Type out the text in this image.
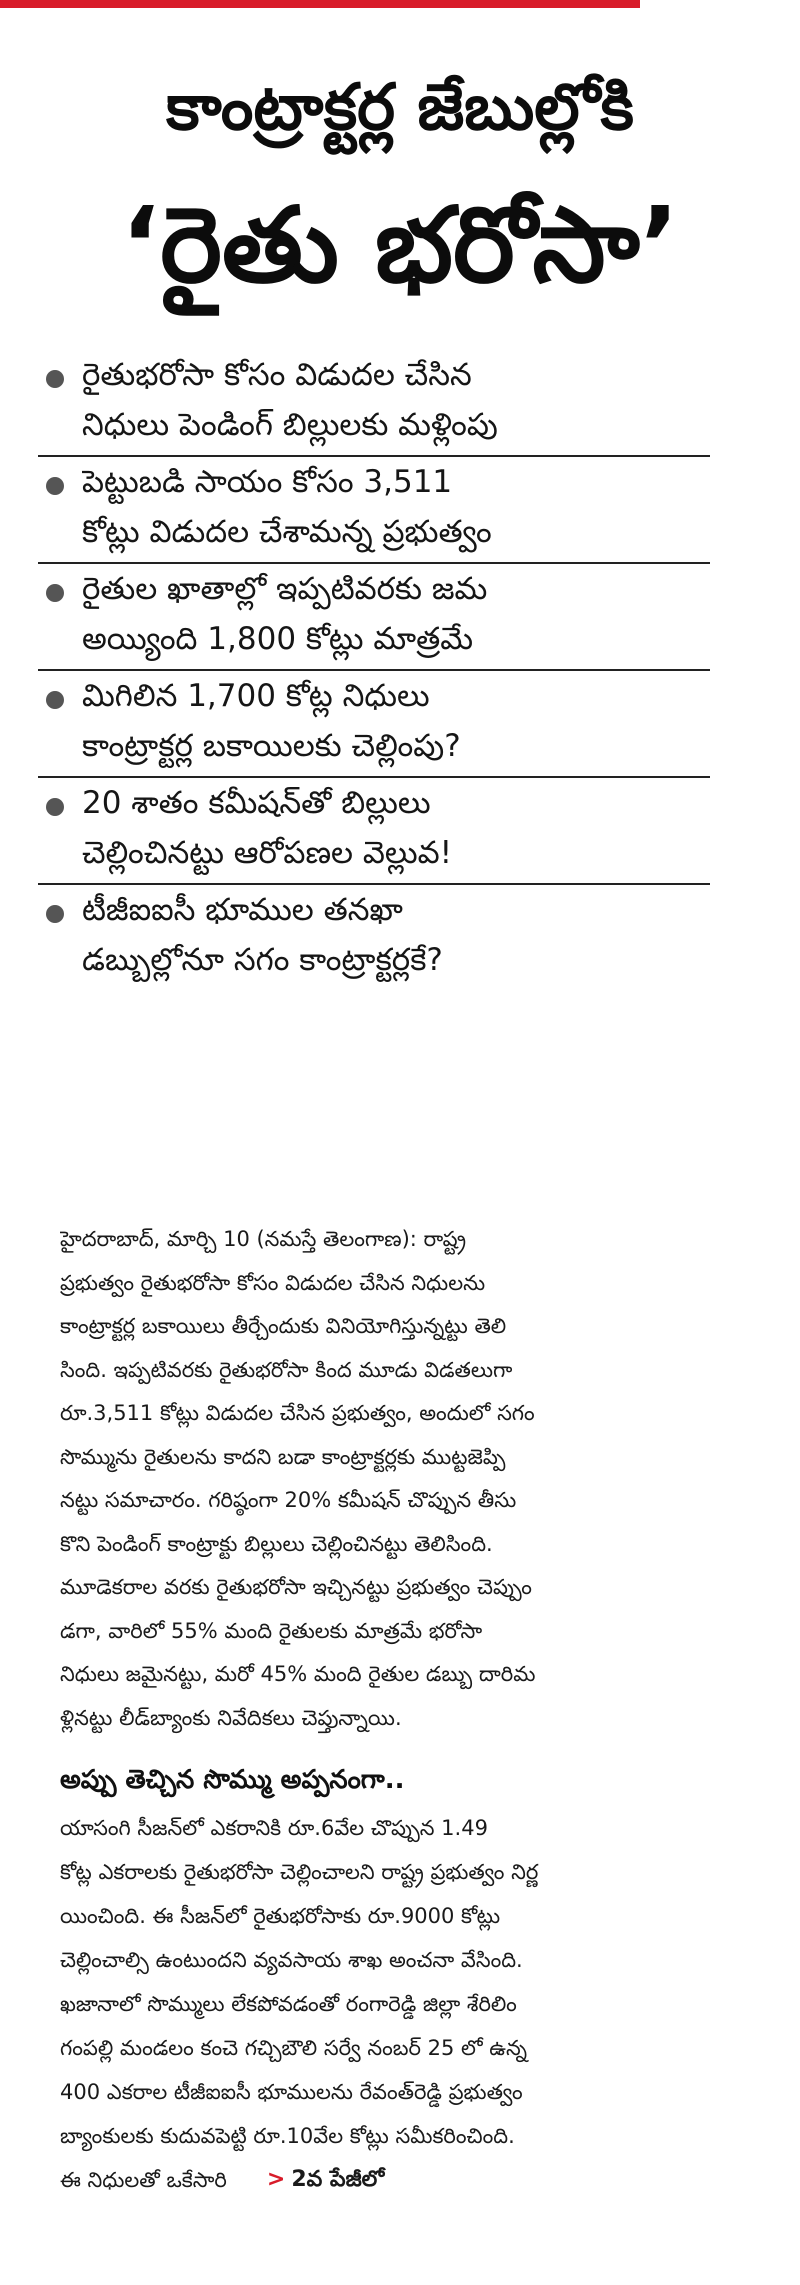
కాంట్రాక్టర్ల జేబుల్లోకి
‘రైతు భరోసా’
రైతుభరోసా కోసం విడుదల చేసిన
నిధులు పెండింగ్ బిల్లులకు మళ్లింపు
పెట్టుబడి సాయం కోసం 3,511
కోట్లు విడుదల చేశామన్న ప్రభుత్వం
రైతుల ఖాతాల్లో ఇప్పటివరకు జమ
అయ్యింది 1,800 కోట్లు మాత్రమే
మిగిలిన 1,700 కోట్ల నిధులు
కాంట్రాక్టర్ల బకాయిలకు చెల్లింపు?
20 శాతం కమీషన్‌తో బిల్లులు
చెల్లించినట్టు ఆరోపణల వెల్లువ!
టీజీఐఐసీ భూముల తనఖా
డబ్బుల్లోనూ సగం కాంట్రాక్టర్లకే?
హైదరాబాద్, మార్చి 10 (నమస్తే తెలంగాణ): రాష్ట్ర
ప్రభుత్వం రైతుభరోసా కోసం విడుదల చేసిన నిధులను
కాంట్రాక్టర్ల బకాయిలు తీర్చేందుకు వినియోగిస్తున్నట్టు తెలి
సింది. ఇప్పటివరకు రైతుభరోసా కింద మూడు విడతలుగా
రూ.3,511 కోట్లు విడుదల చేసిన ప్రభుత్వం, అందులో సగం
సొమ్మును రైతులను కాదని బడా కాంట్రాక్టర్లకు ముట్టజెప్పి
నట్టు సమాచారం. గరిష్ఠంగా 20% కమీషన్ చొప్పున తీసు
కొని పెండింగ్ కాంట్రాక్టు బిల్లులు చెల్లించినట్టు తెలిసింది.
మూడెకరాల వరకు రైతుభరోసా ఇచ్చినట్టు ప్రభుత్వం చెప్పుం
డగా, వారిలో 55% మంది రైతులకు మాత్రమే భరోసా
నిధులు జమైనట్టు, మరో 45% మంది రైతుల డబ్బు దారిమ
ళ్లినట్టు లీడ్‌బ్యాంకు నివేదికలు చెప్తున్నాయి.
అప్పు తెచ్చిన సొమ్ము అప్పనంగా..
యాసంగి సీజన్‌లో ఎకరానికి రూ.6వేల చొప్పున 1.49
కోట్ల ఎకరాలకు రైతుభరోసా చెల్లించాలని రాష్ట్ర ప్రభుత్వం నిర్ణ
యించింది. ఈ సీజన్‌లో రైతుభరోసాకు రూ.9000 కోట్లు
చెల్లించాల్సి ఉంటుందని వ్యవసాయ శాఖ అంచనా వేసింది.
ఖజానాలో సొమ్ములు లేకపోవడంతో రంగారెడ్డి జిల్లా శేరిలిం
గంపల్లి మండలం కంచె గచ్చిబౌలి సర్వే నంబర్ 25 లో ఉన్న
400 ఎకరాల టీజీఐఐసీ భూములను రేవంత్‌రెడ్డి ప్రభుత్వం
బ్యాంకులకు కుదువపెట్టి రూ.10వేల కోట్లు సమీకరించింది.
ఈ నిధులతో ఒకేసారి > 2వ పేజీలో
